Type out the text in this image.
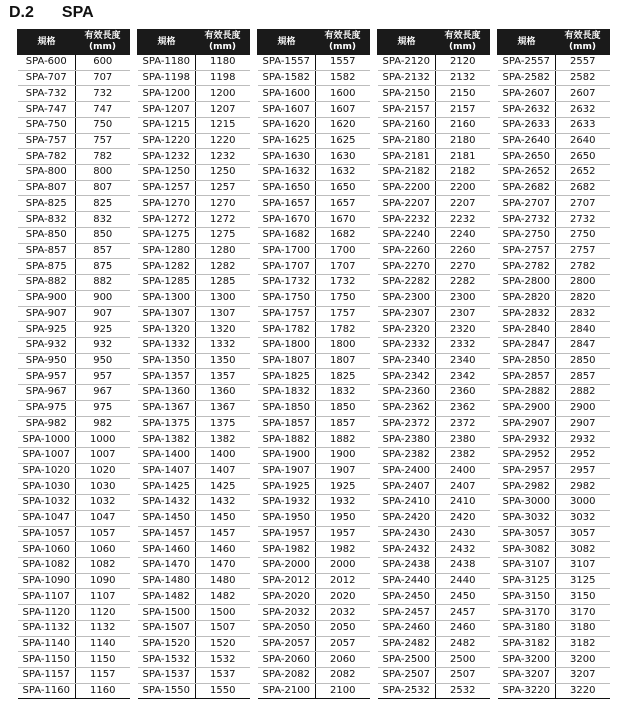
D.2 SPA
規格	有效長度
(mm)

SPA-600	600
SPA-707	707
SPA-732	732
SPA-747	747
SPA-750	750
SPA-757	757
SPA-782	782
SPA-800	800
SPA-807	807
SPA-825	825
SPA-832	832
SPA-850	850
SPA-857	857
SPA-875	875
SPA-882	882
SPA-900	900
SPA-907	907
SPA-925	925
SPA-932	932
SPA-950	950
SPA-957	957
SPA-967	967
SPA-975	975
SPA-982	982
SPA-1000	1000
SPA-1007	1007
SPA-1020	1020
SPA-1030	1030
SPA-1032	1032
SPA-1047	1047
SPA-1057	1057
SPA-1060	1060
SPA-1082	1082
SPA-1090	1090
SPA-1107	1107
SPA-1120	1120
SPA-1132	1132
SPA-1140	1140
SPA-1150	1150
SPA-1157	1157
SPA-1160	1160
規格	有效長度
(mm)

SPA-1180	1180
SPA-1198	1198
SPA-1200	1200
SPA-1207	1207
SPA-1215	1215
SPA-1220	1220
SPA-1232	1232
SPA-1250	1250
SPA-1257	1257
SPA-1270	1270
SPA-1272	1272
SPA-1275	1275
SPA-1280	1280
SPA-1282	1282
SPA-1285	1285
SPA-1300	1300
SPA-1307	1307
SPA-1320	1320
SPA-1332	1332
SPA-1350	1350
SPA-1357	1357
SPA-1360	1360
SPA-1367	1367
SPA-1375	1375
SPA-1382	1382
SPA-1400	1400
SPA-1407	1407
SPA-1425	1425
SPA-1432	1432
SPA-1450	1450
SPA-1457	1457
SPA-1460	1460
SPA-1470	1470
SPA-1480	1480
SPA-1482	1482
SPA-1500	1500
SPA-1507	1507
SPA-1520	1520
SPA-1532	1532
SPA-1537	1537
SPA-1550	1550
規格	有效長度
(mm)

SPA-1557	1557
SPA-1582	1582
SPA-1600	1600
SPA-1607	1607
SPA-1620	1620
SPA-1625	1625
SPA-1630	1630
SPA-1632	1632
SPA-1650	1650
SPA-1657	1657
SPA-1670	1670
SPA-1682	1682
SPA-1700	1700
SPA-1707	1707
SPA-1732	1732
SPA-1750	1750
SPA-1757	1757
SPA-1782	1782
SPA-1800	1800
SPA-1807	1807
SPA-1825	1825
SPA-1832	1832
SPA-1850	1850
SPA-1857	1857
SPA-1882	1882
SPA-1900	1900
SPA-1907	1907
SPA-1925	1925
SPA-1932	1932
SPA-1950	1950
SPA-1957	1957
SPA-1982	1982
SPA-2000	2000
SPA-2012	2012
SPA-2020	2020
SPA-2032	2032
SPA-2050	2050
SPA-2057	2057
SPA-2060	2060
SPA-2082	2082
SPA-2100	2100
規格	有效長度
(mm)

SPA-2120	2120
SPA-2132	2132
SPA-2150	2150
SPA-2157	2157
SPA-2160	2160
SPA-2180	2180
SPA-2181	2181
SPA-2182	2182
SPA-2200	2200
SPA-2207	2207
SPA-2232	2232
SPA-2240	2240
SPA-2260	2260
SPA-2270	2270
SPA-2282	2282
SPA-2300	2300
SPA-2307	2307
SPA-2320	2320
SPA-2332	2332
SPA-2340	2340
SPA-2342	2342
SPA-2360	2360
SPA-2362	2362
SPA-2372	2372
SPA-2380	2380
SPA-2382	2382
SPA-2400	2400
SPA-2407	2407
SPA-2410	2410
SPA-2420	2420
SPA-2430	2430
SPA-2432	2432
SPA-2438	2438
SPA-2440	2440
SPA-2450	2450
SPA-2457	2457
SPA-2460	2460
SPA-2482	2482
SPA-2500	2500
SPA-2507	2507
SPA-2532	2532
規格	有效長度
(mm)

SPA-2557	2557
SPA-2582	2582
SPA-2607	2607
SPA-2632	2632
SPA-2633	2633
SPA-2640	2640
SPA-2650	2650
SPA-2652	2652
SPA-2682	2682
SPA-2707	2707
SPA-2732	2732
SPA-2750	2750
SPA-2757	2757
SPA-2782	2782
SPA-2800	2800
SPA-2820	2820
SPA-2832	2832
SPA-2840	2840
SPA-2847	2847
SPA-2850	2850
SPA-2857	2857
SPA-2882	2882
SPA-2900	2900
SPA-2907	2907
SPA-2932	2932
SPA-2952	2952
SPA-2957	2957
SPA-2982	2982
SPA-3000	3000
SPA-3032	3032
SPA-3057	3057
SPA-3082	3082
SPA-3107	3107
SPA-3125	3125
SPA-3150	3150
SPA-3170	3170
SPA-3180	3180
SPA-3182	3182
SPA-3200	3200
SPA-3207	3207
SPA-3220	3220
